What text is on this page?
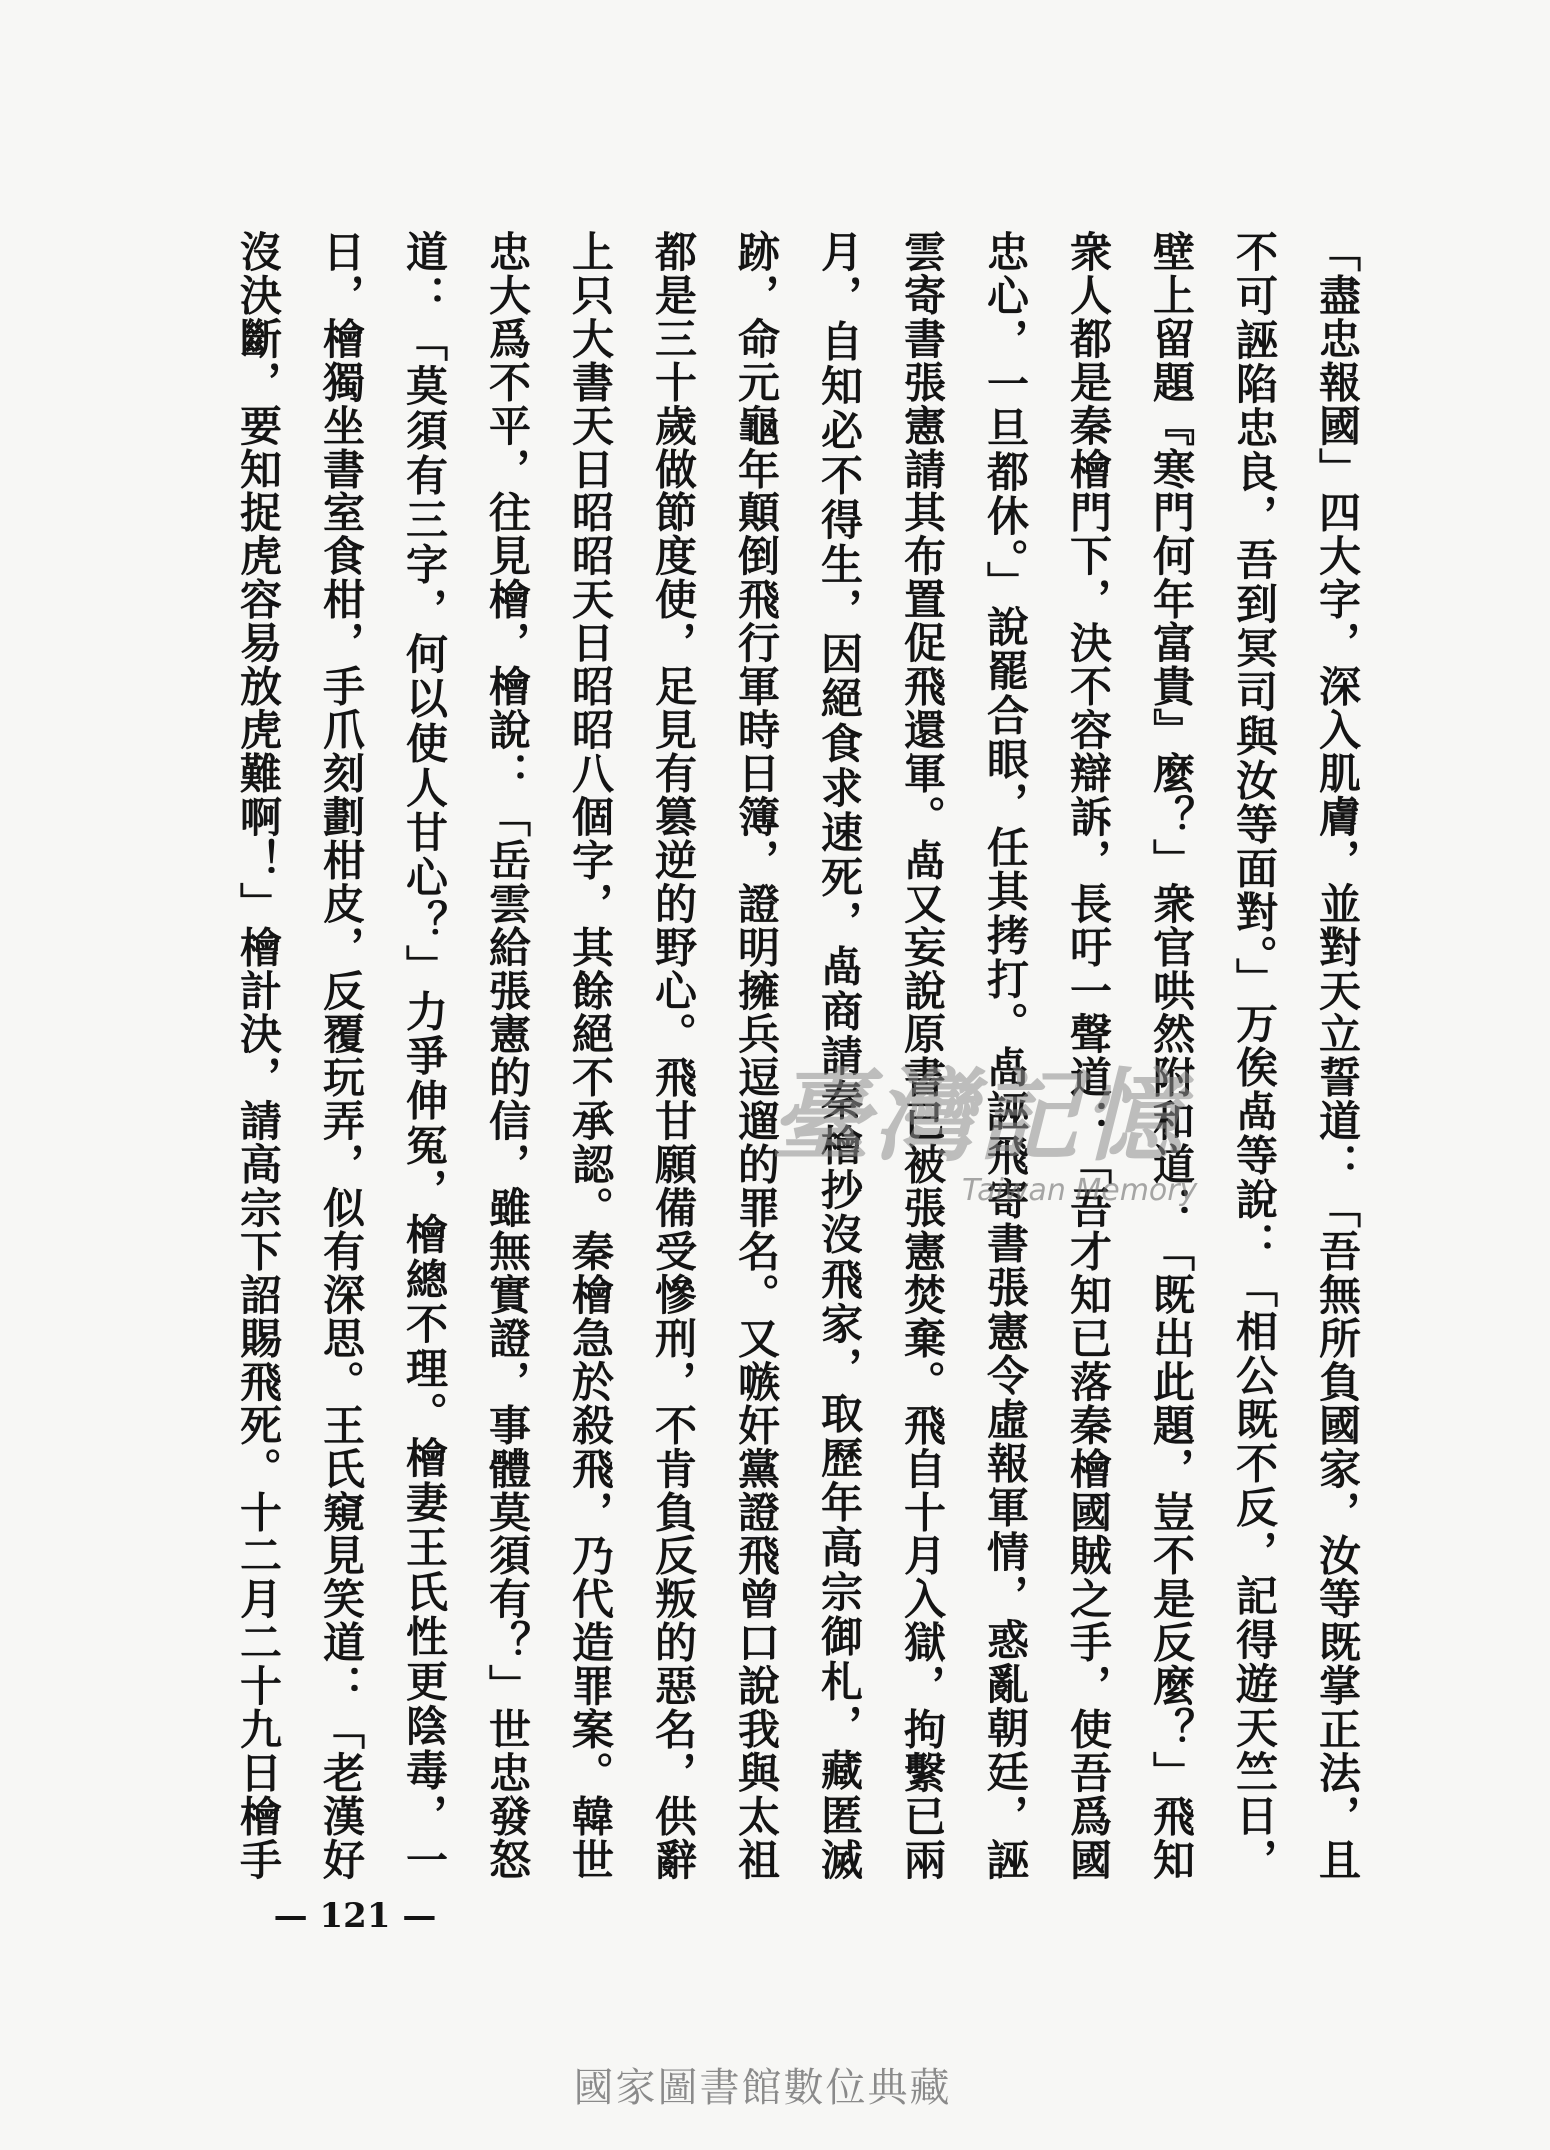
「盡忠報國」四大字，深入肌膚，並對天立誓道：「吾無所負國家，汝等既掌正法，且
不可誣陷忠良，吾到冥司與汝等面對。」万俟卨等說：「相公既不反，記得遊天竺日，
壁上留題『寒門何年富貴』麼？」衆官哄然附和道：「既出此題，豈不是反麼？」飛知
衆人都是秦檜門下，決不容辯訴，長吁一聲道：「吾才知已落秦檜國賊之手，使吾爲國
忠心，一旦都休。」說罷合眼，任其拷打。卨誣飛寄書張憲令虛報軍情，惑亂朝廷，誣
雲寄書張憲請其布置促飛還軍。卨又妄說原書已被張憲焚棄。飛自十月入獄，拘繫已兩
月，自知必不得生，因絕食求速死，卨商請秦檜抄沒飛家，取歷年高宗御札，藏匿滅
跡，命元龜年顛倒飛行軍時日簿，證明擁兵逗遛的罪名。又嗾奸黨證飛曾口說我與太祖
都是三十歲做節度使，足見有篡逆的野心。飛甘願備受慘刑，不肯負反叛的惡名，供辭
上只大書天日昭昭天日昭昭八個字，其餘絕不承認。秦檜急於殺飛，乃代造罪案。韓世
忠大爲不平，往見檜，檜說：「岳雲給張憲的信，雖無實證，事體莫須有？」世忠發怒
道：「莫須有三字，何以使人甘心？」力爭伸冤，檜總不理。檜妻王氏性更陰毒，一
日，檜獨坐書室食柑，手爪刻劃柑皮，反覆玩弄，似有深思。王氏窺見笑道：「老漢好
沒決斷，要知捉虎容易放虎難啊！」檜計決，請高宗下詔賜飛死。十二月二十九日檜手
— 121 —
臺灣記憶
Taiwan Memory
國家圖書館數位典藏
